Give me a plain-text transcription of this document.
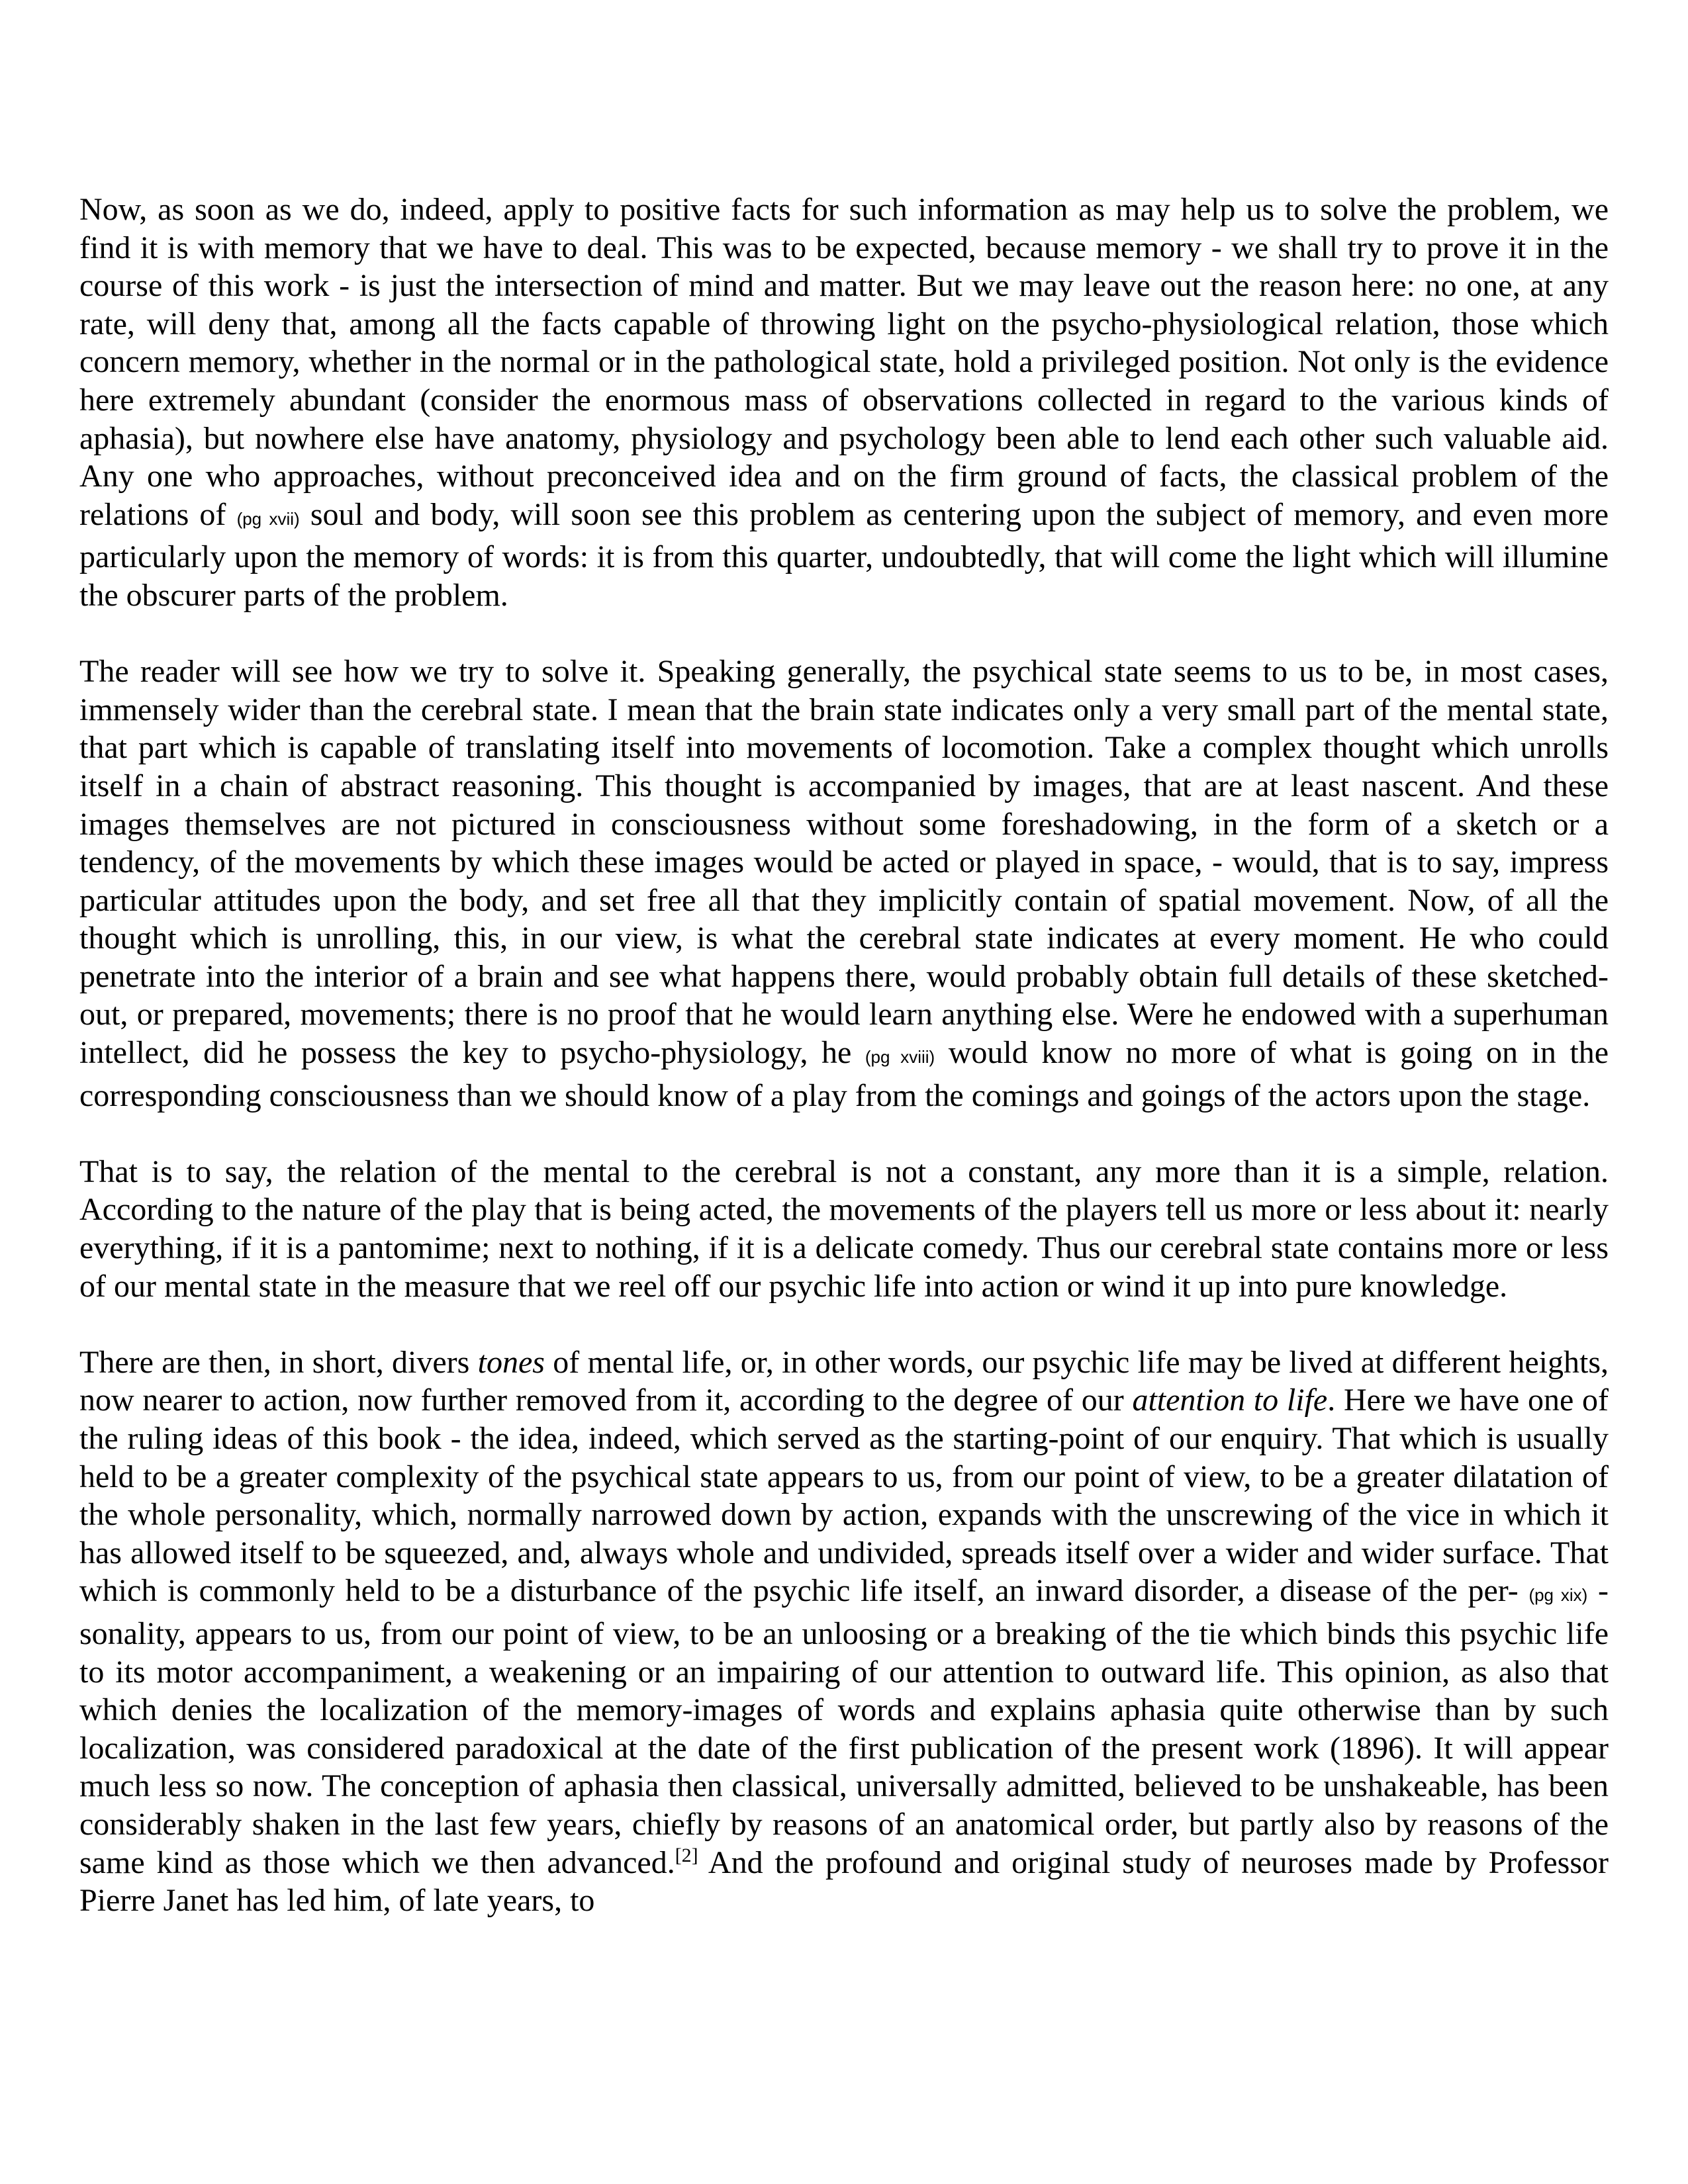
Now, as soon as we do, indeed, apply to positive facts for such information as may help us to solve the problem, we find it is with memory that we have to deal. This was to be expected, because memory - we shall try to prove it in the course of this work - is just the intersection of mind and matter. But we may leave out the reason here: no one, at any rate, will deny that, among all the facts capable of throwing light on the psycho-physiological relation, those which concern memory, whether in the normal or in the pathological state, hold a privileged position. Not only is the evidence here extremely abundant (consider the enormous mass of observations collected in regard to the various kinds of aphasia), but nowhere else have anatomy, physiology and psychology been able to lend each other such valuable aid. Any one who approaches, without preconceived idea and on the firm ground of facts, the classical problem of the relations of (pg xvii) soul and body, will soon see this problem as centering upon the subject of memory, and even more particularly upon the memory of words: it is from this quarter, undoubtedly, that will come the light which will illumine the obscurer parts of the problem.

The reader will see how we try to solve it. Speaking generally, the psychical state seems to us to be, in most cases, immensely wider than the cerebral state. I mean that the brain state indicates only a very small part of the mental state, that part which is capable of translating itself into movements of locomotion. Take a complex thought which unrolls itself in a chain of abstract reasoning. This thought is accompanied by images, that are at least nascent. And these images themselves are not pictured in consciousness without some foreshadowing, in the form of a sketch or a tendency, of the movements by which these images would be acted or played in space, - would, that is to say, impress particular attitudes upon the body, and set free all that they implicitly contain of spatial movement. Now, of all the thought which is unrolling, this, in our view, is what the cerebral state indicates at every moment. He who could penetrate into the interior of a brain and see what happens there, would probably obtain full details of these sketched-out, or prepared, movements; there is no proof that he would learn anything else. Were he endowed with a superhuman intellect, did he possess the key to psycho-physiology, he (pg xviii) would know no more of what is going on in the corresponding consciousness than we should know of a play from the comings and goings of the actors upon the stage.

That is to say, the relation of the mental to the cerebral is not a constant, any more than it is a simple, relation. According to the nature of the play that is being acted, the movements of the players tell us more or less about it: nearly everything, if it is a pantomime; next to nothing, if it is a delicate comedy. Thus our cerebral state contains more or less of our mental state in the measure that we reel off our psychic life into action or wind it up into pure knowledge.

There are then, in short, divers tones of mental life, or, in other words, our psychic life may be lived at different heights, now nearer to action, now further removed from it, according to the degree of our attention to life. Here we have one of the ruling ideas of this book - the idea, indeed, which served as the starting-point of our enquiry. That which is usually held to be a greater complexity of the psychical state appears to us, from our point of view, to be a greater dilatation of the whole personality, which, normally narrowed down by action, expands with the unscrewing of the vice in which it has allowed itself to be squeezed, and, always whole and undivided, spreads itself over a wider and wider surface. That which is commonly held to be a disturbance of the psychic life itself, an inward disorder, a disease of the per- (pg xix) -sonality, appears to us, from our point of view, to be an unloosing or a breaking of the tie which binds this psychic life to its motor accompaniment, a weakening or an impairing of our attention to outward life. This opinion, as also that which denies the localization of the memory-images of words and explains aphasia quite otherwise than by such localization, was considered paradoxical at the date of the first publication of the present work (1896). It will appear much less so now. The conception of aphasia then classical, universally admitted, believed to be unshakeable, has been considerably shaken in the last few years, chiefly by reasons of an anatomical order, but partly also by reasons of the same kind as those which we then advanced.[2] And the profound and original study of neuroses made by Professor Pierre Janet has led him, of late years, to
